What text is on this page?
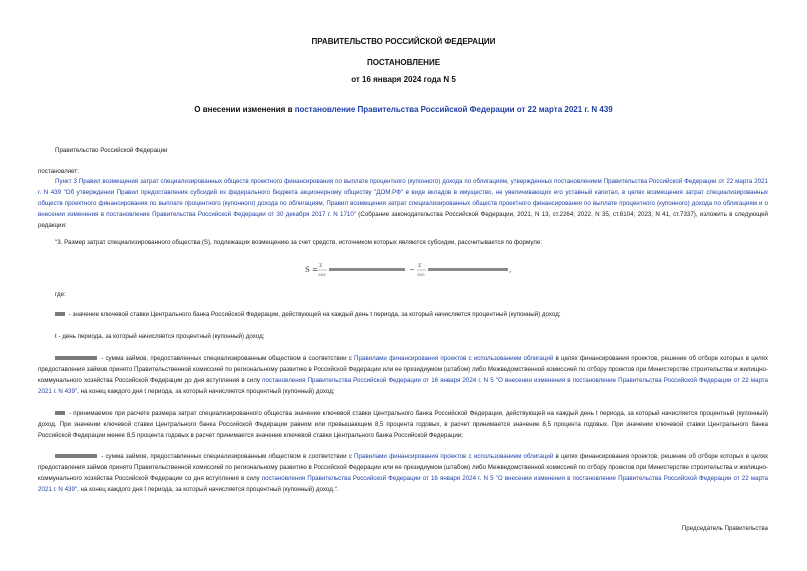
ПРАВИТЕЛЬСТВО РОССИЙСКОЙ ФЕДЕРАЦИИ
ПОСТАНОВЛЕНИЕ
от 16 января 2024 года N 5
О внесении изменения в постановление Правительства Российской Федерации от 22 марта 2021 г. N 439
Правительство Российской Федерации
постановляет:
Пункт 3 Правил возмещения затрат специализированных обществ проектного финансирования по выплате процентного (купонного) дохода по облигациям, утвержденных постановлением Правительства Российской Федерации от 22 марта 2021 г. N 439 "Об утверждении Правил предоставления субсидий из федерального бюджета акционерному обществу "ДОМ.РФ" в виде вкладов в имущество, не увеличивающих его уставный капитал, в целях возмещения затрат специализированных обществ проектного финансирования по выплате процентного (купонного) дохода по облигациям, Правил возмещения затрат специализированных обществ проектного финансирования по выплате процентного (купонного) дохода по облигациям и о внесении изменения в постановление Правительства Российской Федерации от 30 декабря 2017 г. N 1710" (Собрание законодательства Российской Федерации, 2021, N 13, ст.2264; 2022, N 35, ст.6104; 2023, N 41, ст.7337), изложить в следующей редакции:
"3. Размер затрат специализированного общества (S), подлежащих возмещению за счет средств, источником которых являются субсидии, рассчитывается по формуле:
S = Σ
365
− Σ
365
,
где:
- значение ключевой ставки Центрального банка Российской Федерации, действующей на каждый день t периода, за который начисляется процентный (купонный) доход;
t - день периода, за который начисляется процентный (купонный) доход;
- сумма займов, предоставленных специализированным обществом в соответствии с Правилами финансирования проектов с использованием облигаций в целях финансирования проектов, решение об отборе которых в целях предоставления займов принято Правительственной комиссией по региональному развитию в Российской Федерации или ее президиумом (штабом) либо Межведомственной комиссией по отбору проектов при Министерстве строительства и жилищно-коммунального хозяйства Российской Федерации до дня вступления в силу постановления Правительства Российской Федерации от 16 января 2024 г. N 5 "О внесении изменения в постановление Правительства Российской Федерации от 22 марта 2021 г. N 439", на конец каждого дня t периода, за который начисляется процентный (купонный) доход;
- принимаемое при расчете размера затрат специализированного общества значение ключевой ставки Центрального банка Российской Федерации, действующей на каждый день t периода, за который начисляется процентный (купонный) доход. При значении ключевой ставки Центрального банка Российской Федерации равном или превышающем 8,5 процента годовых, в расчет принимается значение 8,5 процента годовых. При значении ключевой ставки Центрального банка Российской Федерации менее 8,5 процента годовых в расчет принимается значение ключевой ставки Центрального банка Российской Федерации;
- сумма займов, предоставленных специализированным обществом в соответствии с Правилами финансирования проектов с использованием облигаций в целях финансирования проектов, решение об отборе которых в целях предоставления займов принято Правительственной комиссией по региональному развитию в Российской Федерации или ее президиумом (штабом) либо Межведомственной комиссией по отбору проектов при Министерстве строительства и жилищно-коммунального хозяйства Российской Федерации со дня вступления в силу постановления Правительства Российской Федерации от 16 января 2024 г. N 5 "О внесении изменения в постановление Правительства Российской Федерации от 22 марта 2021 г. N 439", на конец каждого дня t периода, за который начисляется процентный (купонный) доход.".
Председатель Правительства
